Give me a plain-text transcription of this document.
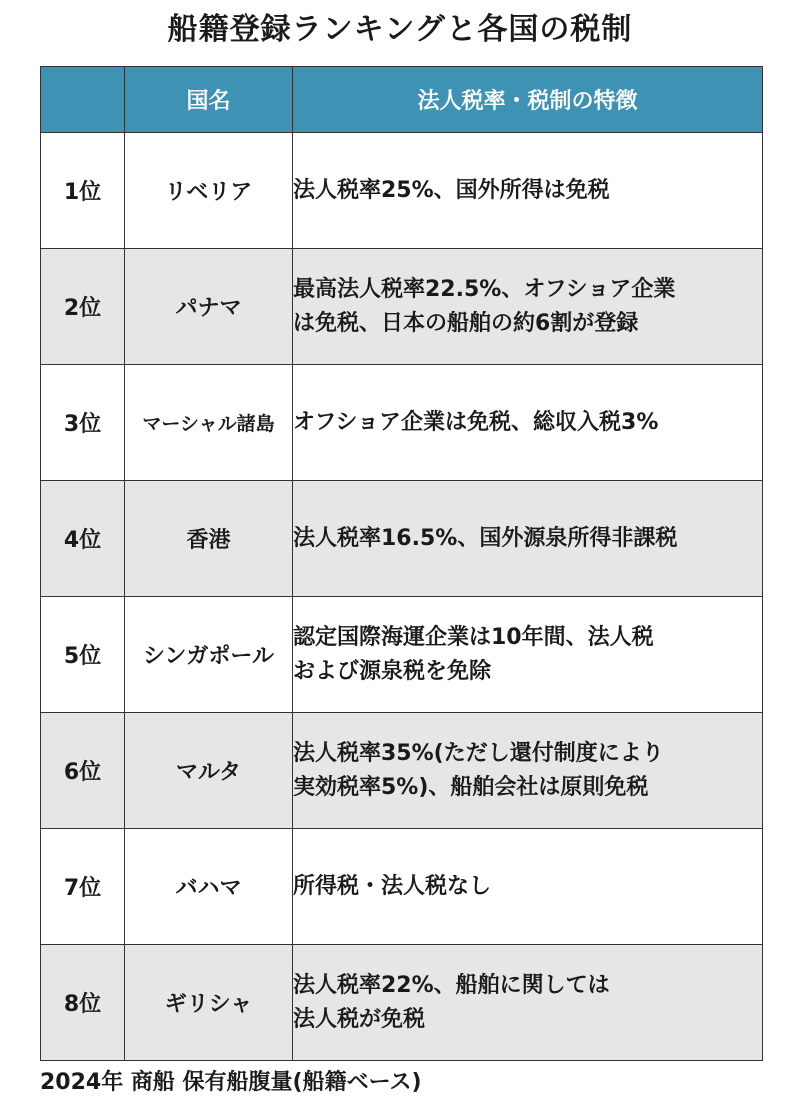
船籍登録ランキングと各国の税制
	国名	法人税率・税制の特徴
1位	リベリア	法人税率25%、国外所得は免税

2位	パナマ	最高法人税率22.5%、オフショア企業
は免税、日本の船舶の約6割が登録

3位	マーシャル諸島	オフショア企業は免税、総収入税3%

4位	香港	法人税率16.5%、国外源泉所得非課税

5位	シンガポール	認定国際海運企業は10年間、法人税
および源泉税を免除

6位	マルタ	法人税率35%(ただし還付制度により
実効税率5%)、船舶会社は原則免税

7位	バハマ	所得税・法人税なし

8位	ギリシャ	法人税率22%、船舶に関しては
法人税が免税
2024年 商船 保有船腹量(船籍ベース)
